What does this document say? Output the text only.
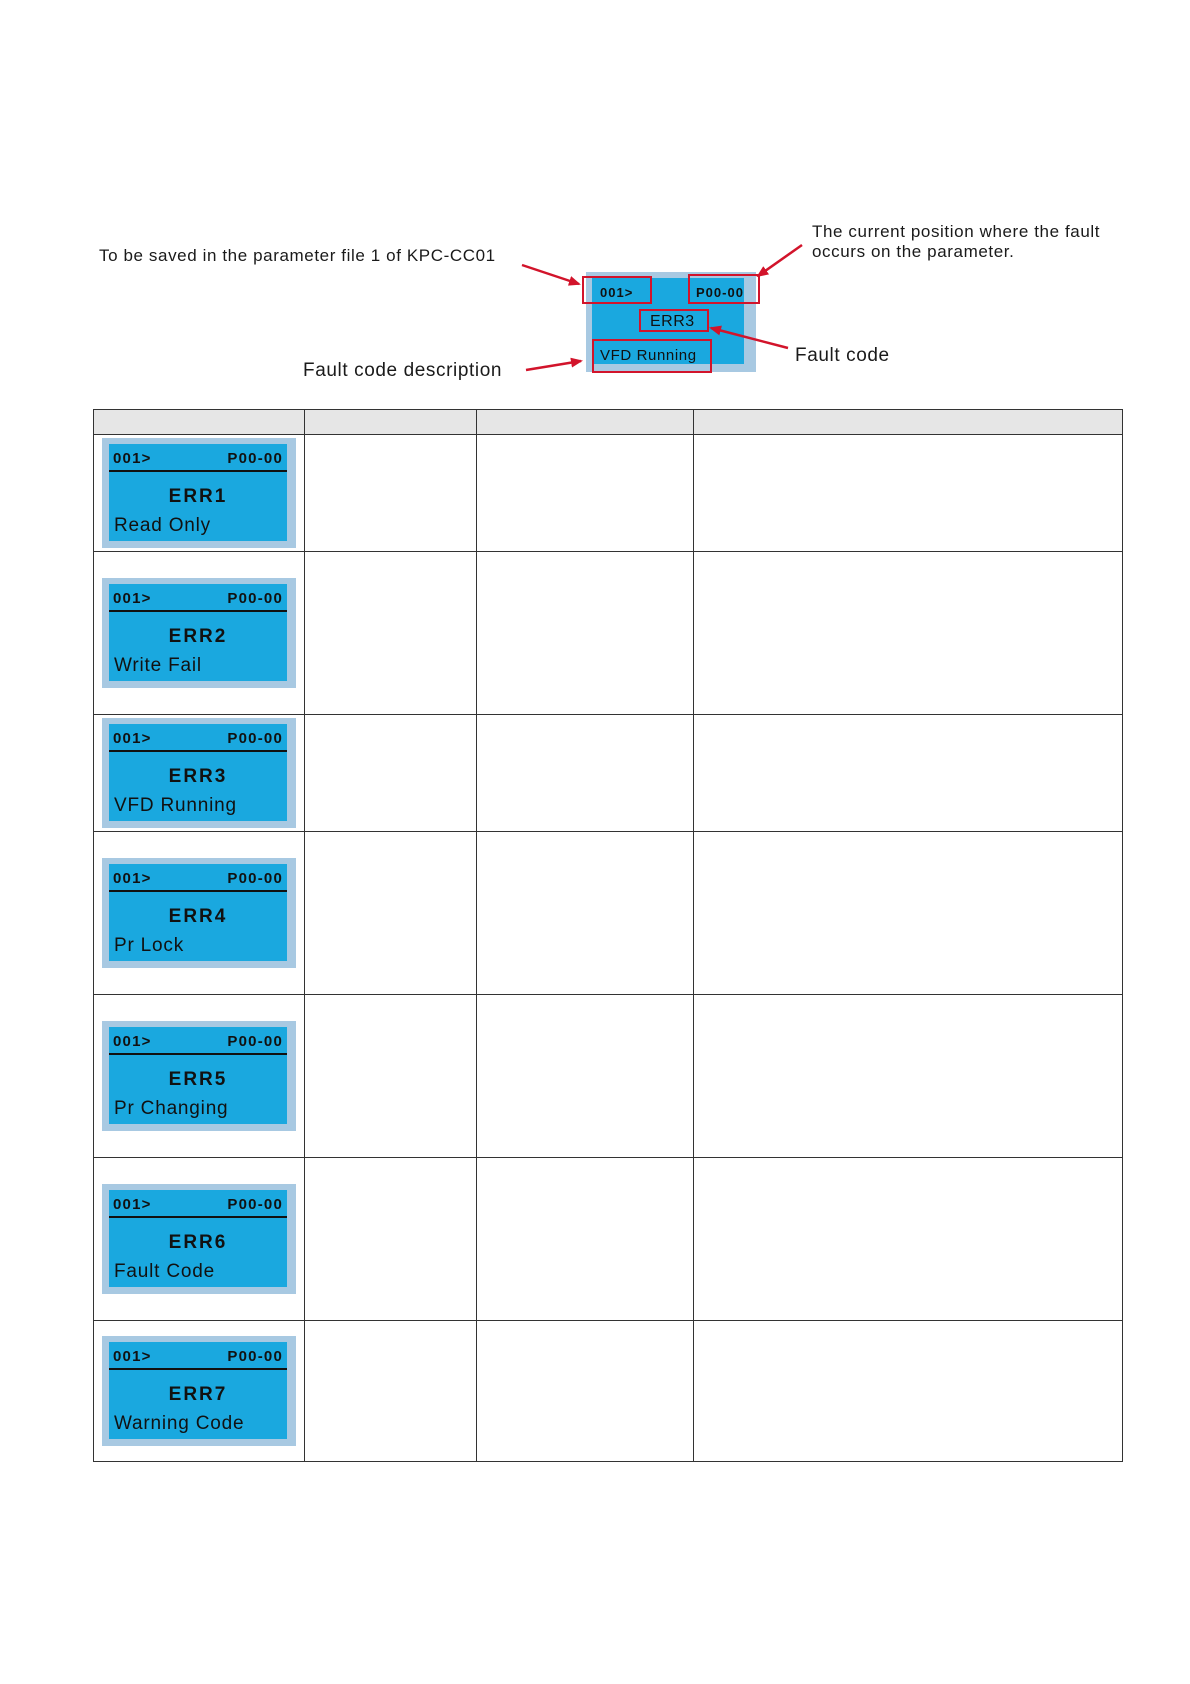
To be saved in the parameter file 1 of KPC-CC01
The current position where the fault
occurs on the parameter.
Fault code
Fault code description
001>	P00-00
ERR3
VFD Running

001> P00-00
ERR1
Read Only			

001> P00-00
ERR2
Write Fail			

001> P00-00
ERR3
VFD Running			

001> P00-00
ERR4
Pr Lock			

001> P00-00
ERR5
Pr Changing			

001> P00-00
ERR6
Fault Code			

001> P00-00
ERR7
Warning Code			
